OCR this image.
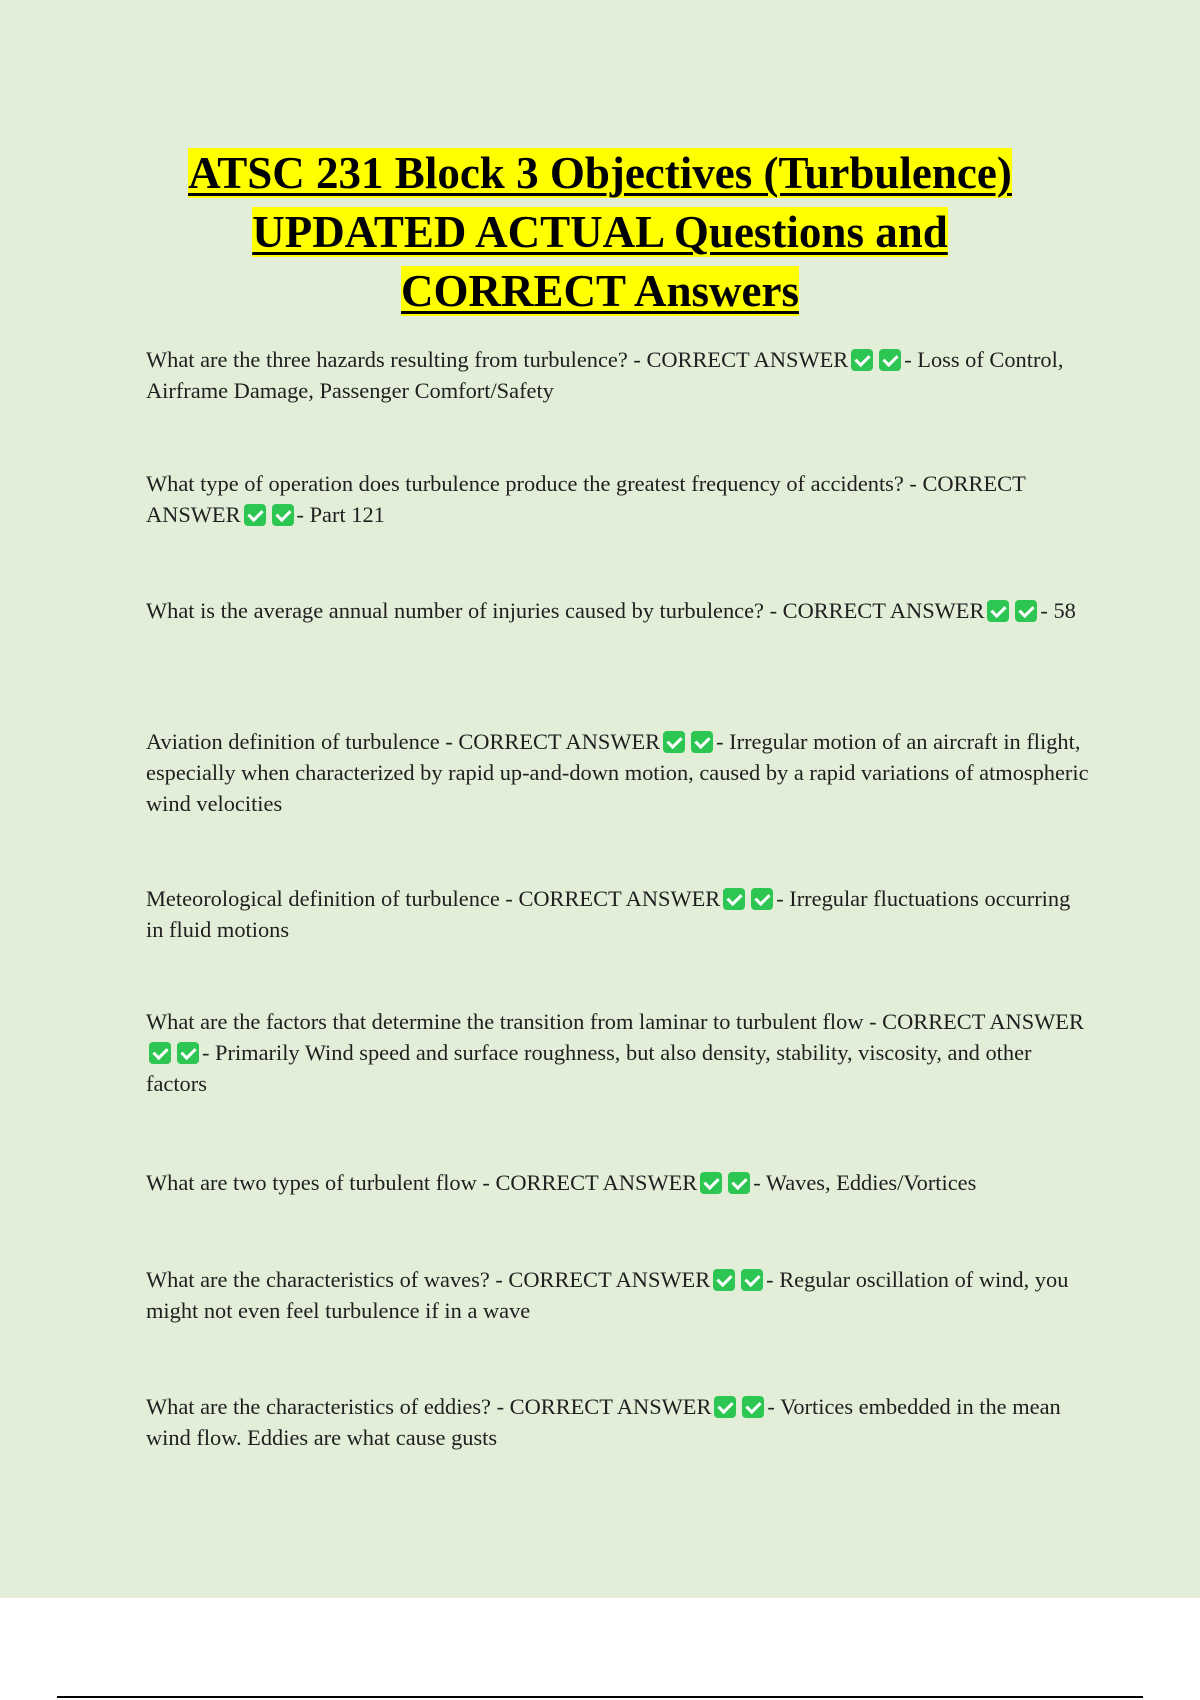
ATSC 231 Block 3 Objectives (Turbulence)
UPDATED ACTUAL Questions and
CORRECT Answers

What are the three hazards resulting from turbulence? - CORRECT ANSWER	- Loss of Control, Airframe Damage, Passenger Comfort/Safety

What type of operation does turbulence produce the greatest frequency of accidents? - CORRECT ANSWER	- Part 121

What is the average annual number of injuries caused by turbulence? - CORRECT ANSWER	- 58

Aviation definition of turbulence - CORRECT ANSWER	- Irregular motion of an aircraft in flight, especially when characterized by rapid up-and-down motion, caused by a rapid variations of atmospheric wind velocities

Meteorological definition of turbulence - CORRECT ANSWER	- Irregular fluctuations occurring in fluid motions

What are the factors that determine the transition from laminar to turbulent flow - CORRECT ANSWER- Primarily Wind speed and surface roughness, but also density, stability, viscosity, and other factors

What are two types of turbulent flow - CORRECT ANSWER	- Waves, Eddies/Vortices

What are the characteristics of waves? - CORRECT ANSWER	- Regular oscillation of wind, you might not even feel turbulence if in a wave

What are the characteristics of eddies? - CORRECT ANSWER	- Vortices embedded in the mean wind flow. Eddies are what cause gusts
